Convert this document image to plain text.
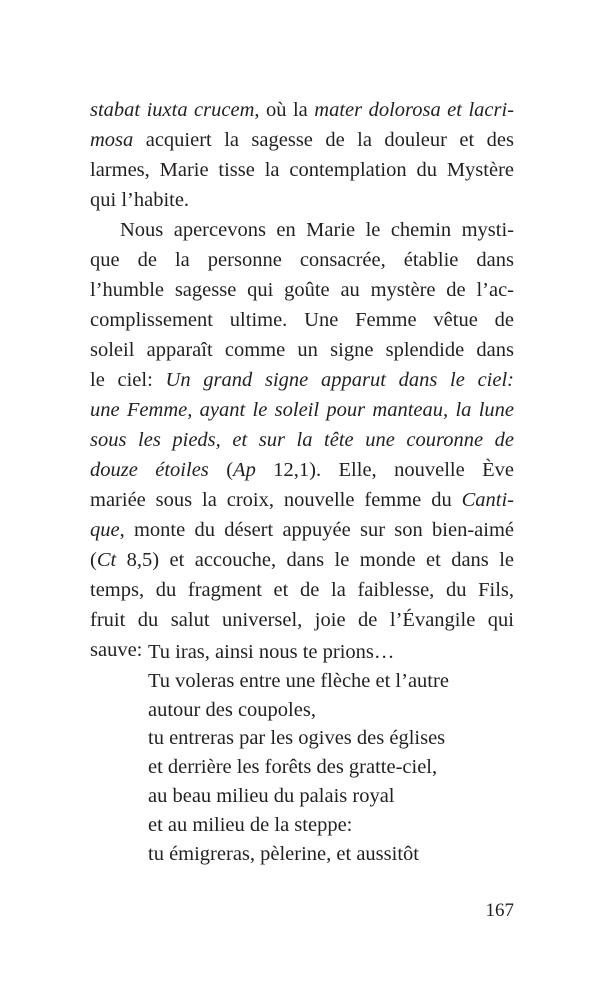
stabat iuxta crucem, où la mater dolorosa et lacri-
mosa acquiert la sagesse de la douleur et des
larmes, Marie tisse la contemplation du Mystère
qui l’habite.
Nous apercevons en Marie le chemin mysti-
que de la personne consacrée, établie dans
l’humble sagesse qui goûte au mystère de l’ac-
complissement ultime. Une Femme vêtue de
soleil apparaît comme un signe splendide dans
le ciel: Un grand signe apparut dans le ciel:
une Femme, ayant le soleil pour manteau, la lune
sous les pieds, et sur la tête une couronne de
douze étoiles (Ap 12,1). Elle, nouvelle Ève
mariée sous la croix, nouvelle femme du Canti-
que, monte du désert appuyée sur son bien-aimé
(Ct 8,5) et accouche, dans le monde et dans le
temps, du fragment et de la faiblesse, du Fils,
fruit du salut universel, joie de l’Évangile qui
sauve: Tu iras, ainsi nous te prions…
Tu voleras entre une flèche et l’autre
autour des coupoles,
tu entreras par les ogives des églises
et derrière les forêts des gratte-ciel,
au beau milieu du palais royal
et au milieu de la steppe:
tu émigreras, pèlerine, et aussitôt
167
